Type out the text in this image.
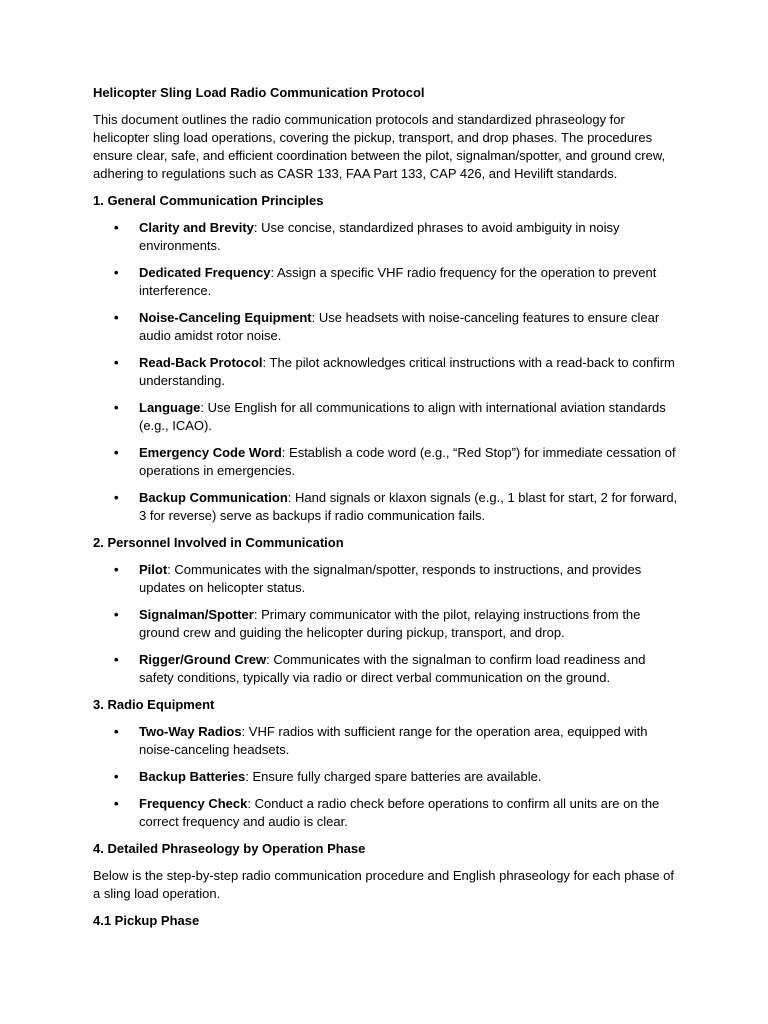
Helicopter Sling Load Radio Communication Protocol
This document outlines the radio communication protocols and standardized phraseology for helicopter sling load operations, covering the pickup, transport, and drop phases. The procedures ensure clear, safe, and efficient coordination between the pilot, signalman/spotter, and ground crew, adhering to regulations such as CASR 133, FAA Part 133, CAP 426, and Hevilift standards.
1. General Communication Principles
• Clarity and Brevity: Use concise, standardized phrases to avoid ambiguity in noisy environments.
• Dedicated Frequency: Assign a specific VHF radio frequency for the operation to prevent interference.
• Noise-Canceling Equipment: Use headsets with noise-canceling features to ensure clear audio amidst rotor noise.
• Read-Back Protocol: The pilot acknowledges critical instructions with a read-back to confirm understanding.
• Language: Use English for all communications to align with international aviation standards (e.g., ICAO).
• Emergency Code Word: Establish a code word (e.g., “Red Stop”) for immediate cessation of operations in emergencies.
• Backup Communication: Hand signals or klaxon signals (e.g., 1 blast for start, 2 for forward, 3 for reverse) serve as backups if radio communication fails.
2. Personnel Involved in Communication
• Pilot: Communicates with the signalman/spotter, responds to instructions, and provides updates on helicopter status.
• Signalman/Spotter: Primary communicator with the pilot, relaying instructions from the ground crew and guiding the helicopter during pickup, transport, and drop.
• Rigger/Ground Crew: Communicates with the signalman to confirm load readiness and safety conditions, typically via radio or direct verbal communication on the ground.
3. Radio Equipment
• Two-Way Radios: VHF radios with sufficient range for the operation area, equipped with noise-canceling headsets.
• Backup Batteries: Ensure fully charged spare batteries are available.
• Frequency Check: Conduct a radio check before operations to confirm all units are on the correct frequency and audio is clear.
4. Detailed Phraseology by Operation Phase
Below is the step-by-step radio communication procedure and English phraseology for each phase of a sling load operation.
4.1 Pickup Phase
